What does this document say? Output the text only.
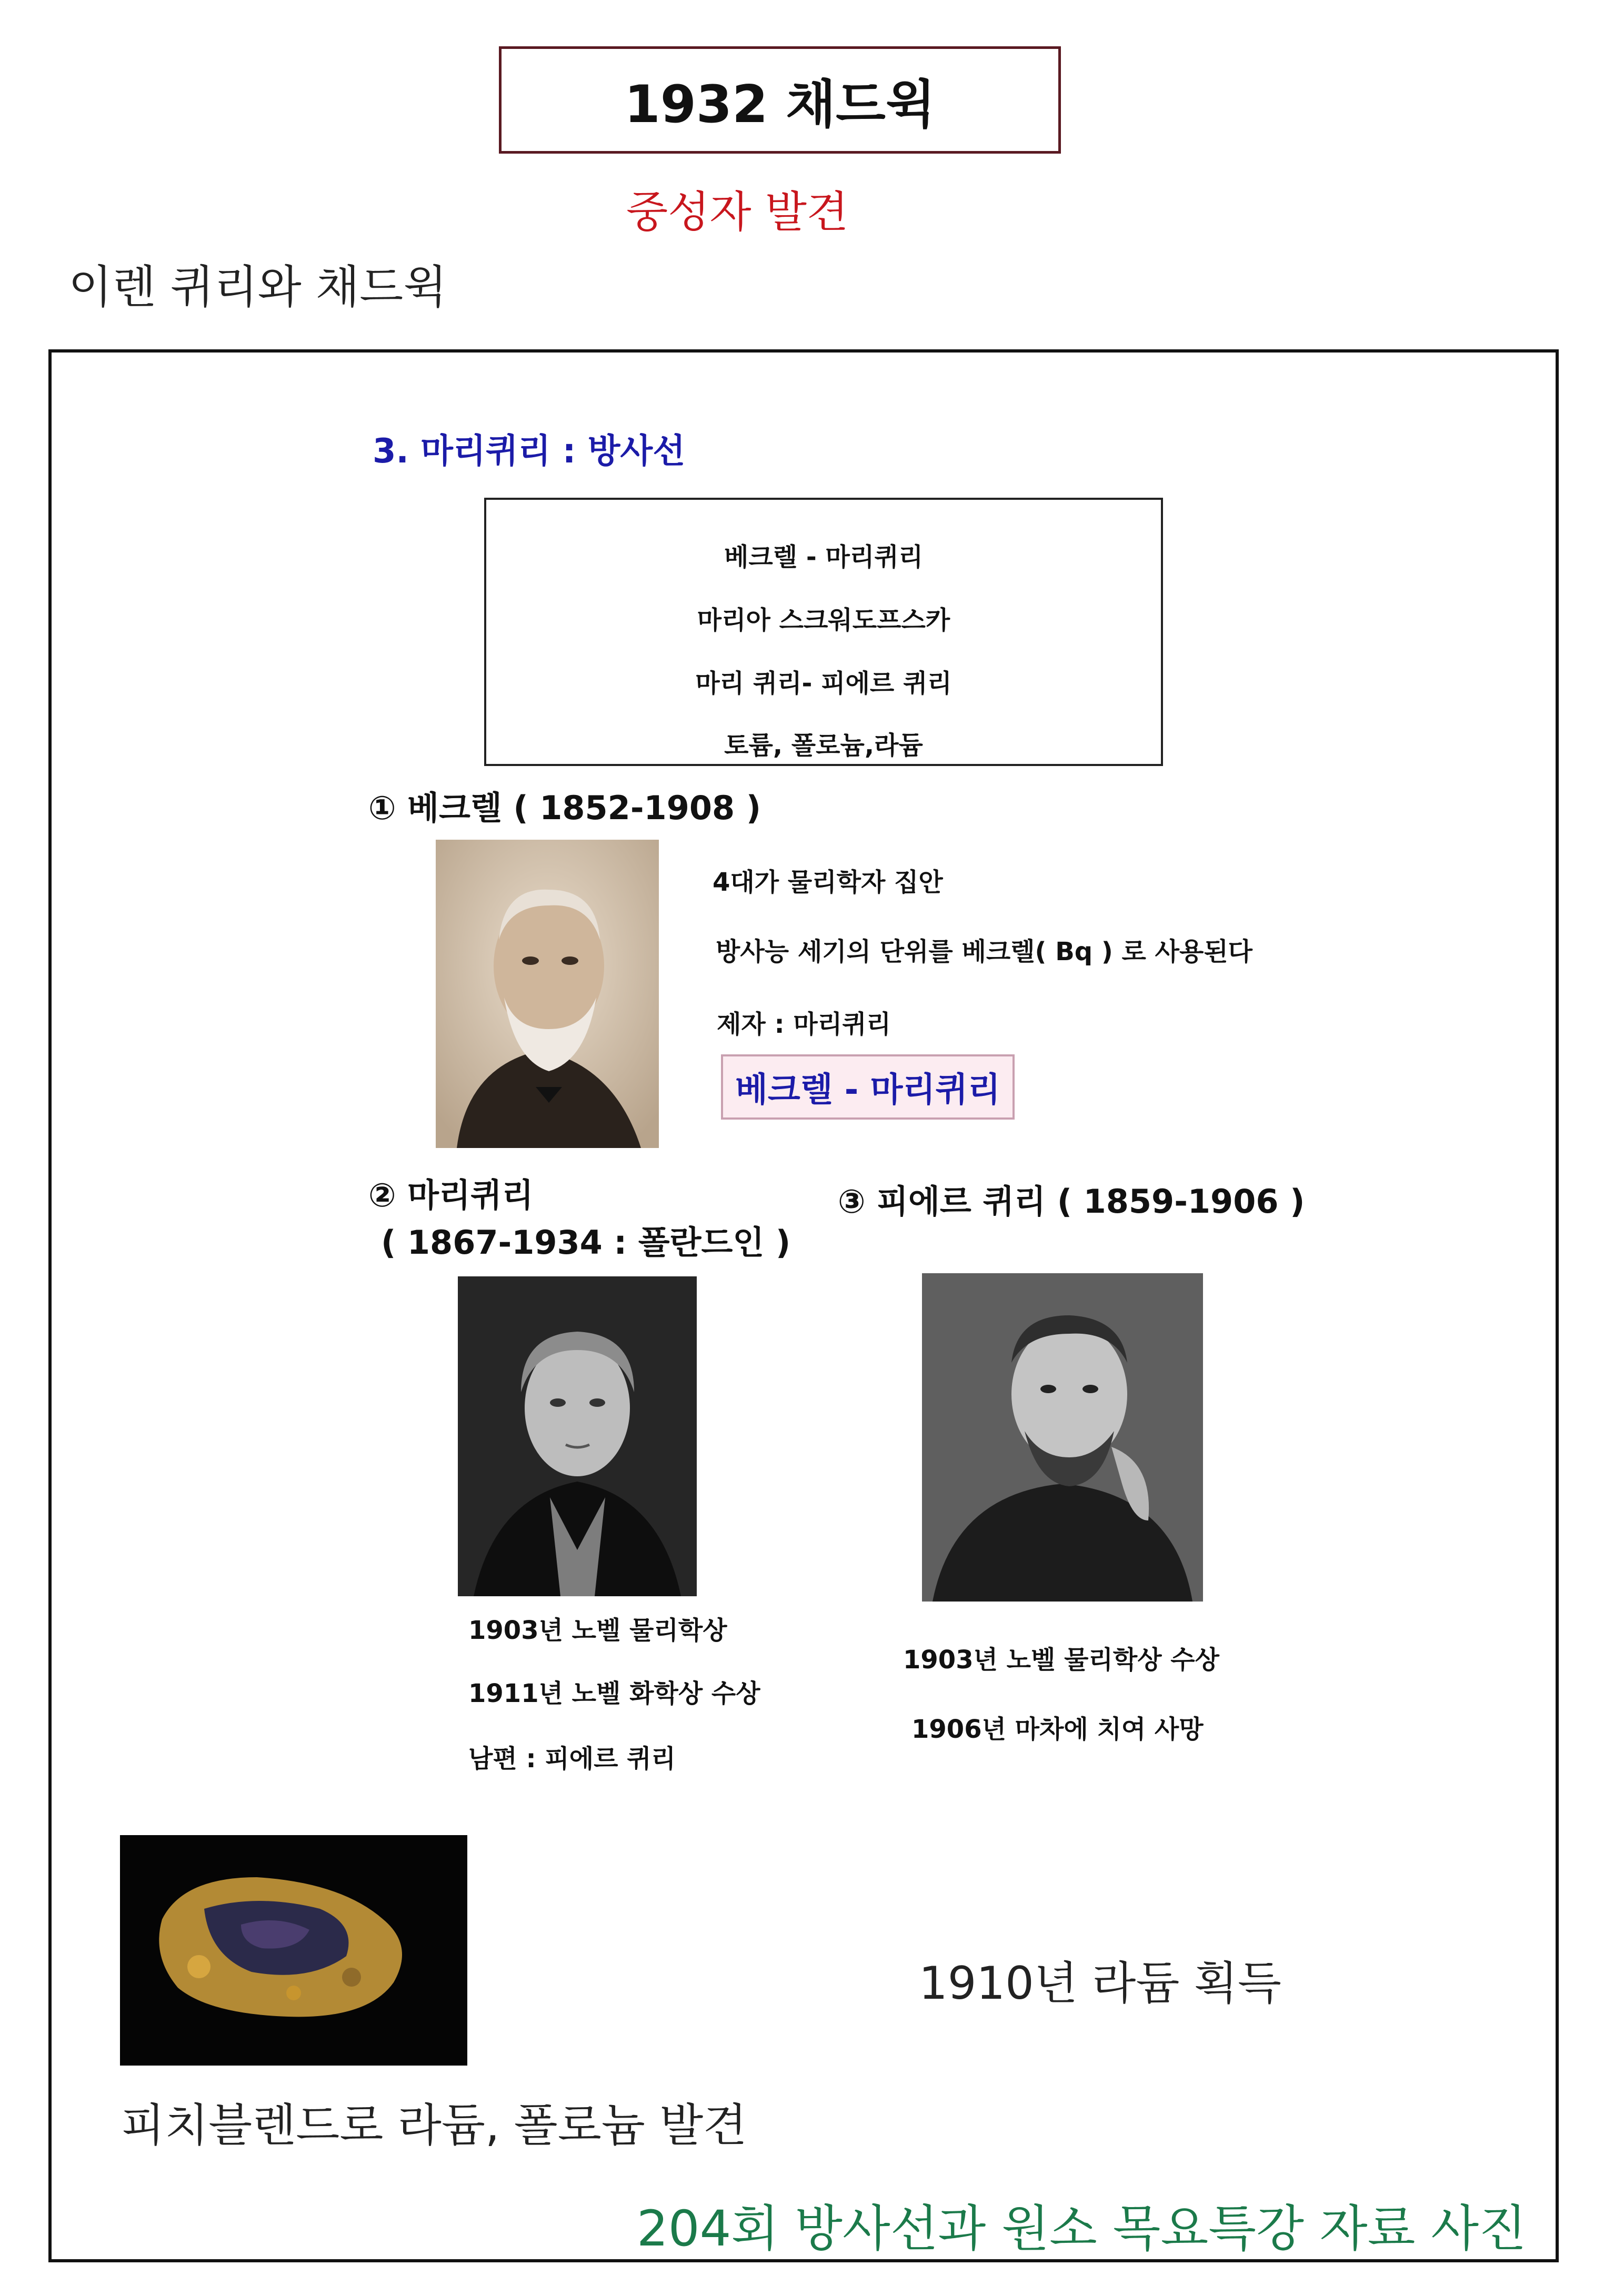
1932 채드윅
중성자 발견
이렌 퀴리와 채드윅
3. 마리퀴리 : 방사선
베크렐 - 마리퀴리
마리아 스크워도프스카
마리 퀴리- 피에르 퀴리
토륨, 폴로늄,라듐
① 베크렐 ( 1852-1908 )
4대가 물리학자 집안
방사능 세기의 단위를 베크렐( Bq ) 로 사용된다
제자 : 마리퀴리
베크렐 - 마리퀴리
② 마리퀴리
( 1867-1934 : 폴란드인 )
1903년 노벨 물리학상
1911년 노벨 화학상 수상
남편 : 피에르 퀴리
③ 피에르 퀴리 ( 1859-1906 )
1903년 노벨 물리학상 수상
1906년 마차에 치여 사망
1910년 라듐 획득
피치블렌드로 라듐, 폴로늄 발견
204회 방사선과 원소 목요특강 자료 사진
